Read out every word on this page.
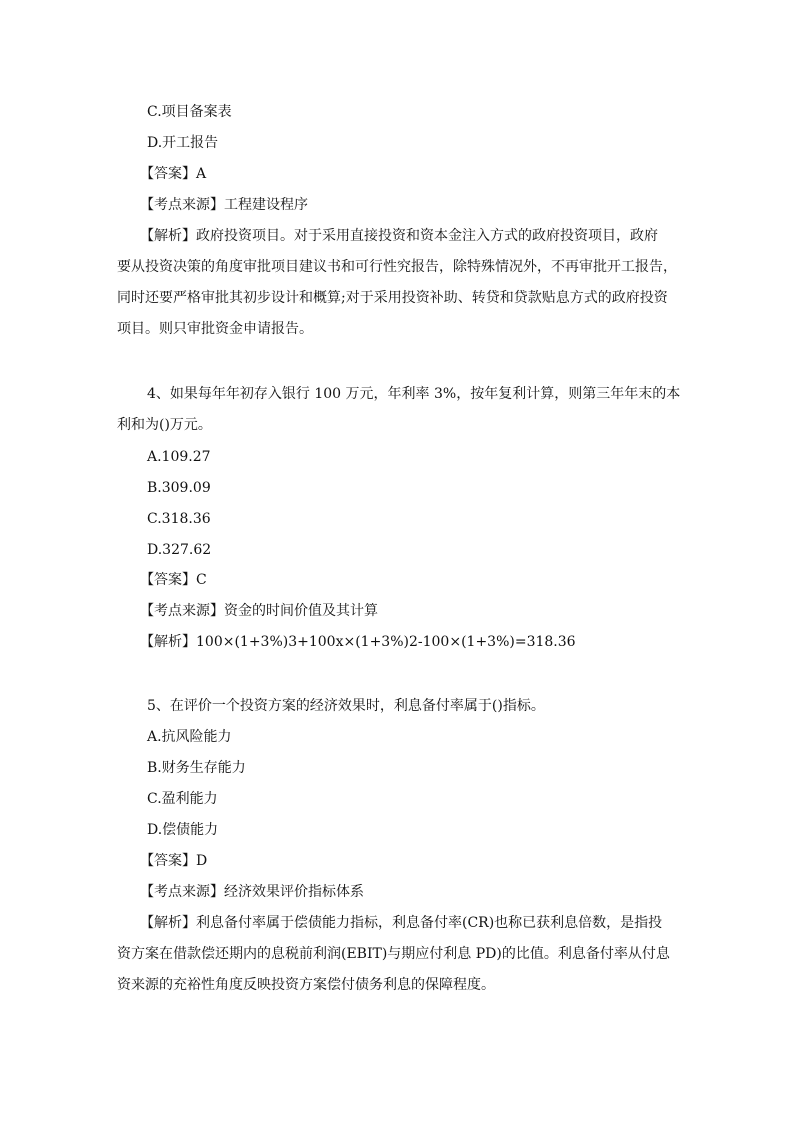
C.项目备案表
D.开工报告
【答案】A
【考点来源】工程建设程序
【解析】政府投资项目。对于采用直接投资和资本金注入方式的政府投资项目，政府
要从投资决策的角度审批项目建议书和可行性究报告，除特殊情况外，不再审批开工报告，
同时还要严格审批其初步设计和概算;对于采用投资补助、转贷和贷款贴息方式的政府投资
项目。则只审批资金申请报告。
4、如果每年年初存入银行 100 万元，年利率 3%，按年复利计算，则第三年年末的本
利和为()万元。
A.109.27
B.309.09
C.318.36
D.327.62
【答案】C
【考点来源】资金的时间价值及其计算
【解析】100×(1+3%)3+100x×(1+3%)2-100×(1+3%)=318.36
5、在评价一个投资方案的经济效果时，利息备付率属于()指标。
A.抗风险能力
B.财务生存能力
C.盈利能力
D.偿债能力
【答案】D
【考点来源】经济效果评价指标体系
【解析】利息备付率属于偿债能力指标，利息备付率(CR)也称已获利息倍数，是指投
资方案在借款偿还期内的息税前利润(EBIT)与期应付利息 PD)的比值。利息备付率从付息
资来源的充裕性角度反映投资方案偿付债务利息的保障程度。
